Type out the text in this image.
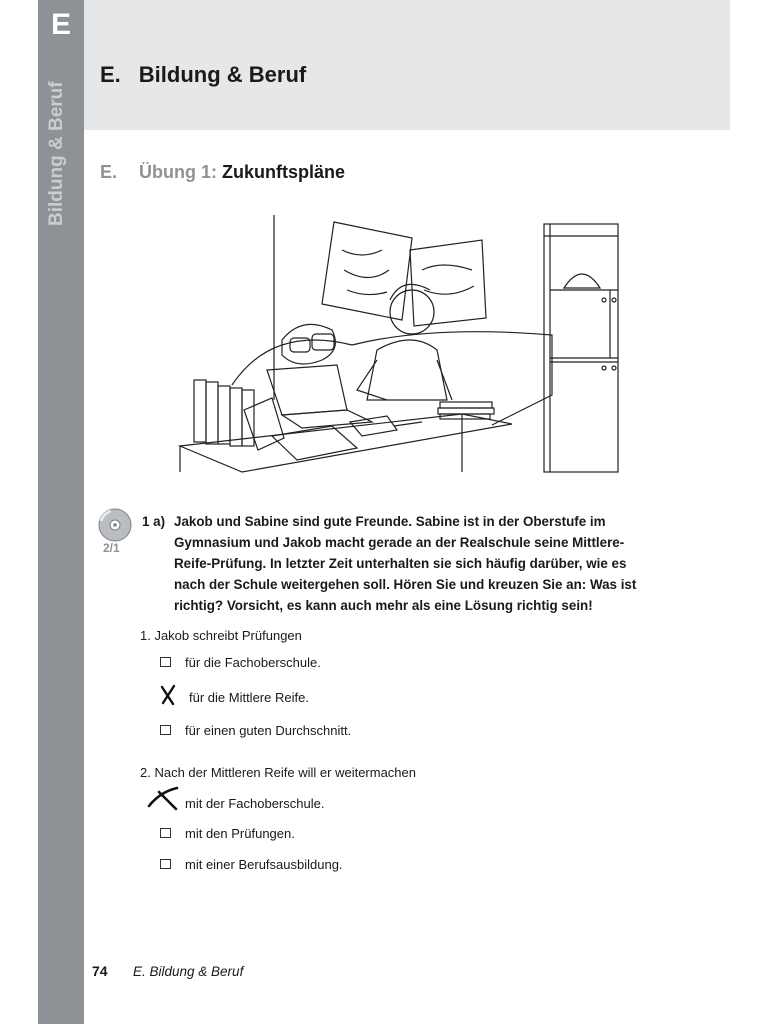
E
Bildung & Beruf
E. Bildung & Beruf
E. Übung 1: Zukunftspläne
2/1
1 a) Jakob und Sabine sind gute Freunde. Sabine ist in der Oberstufe im
Gymnasium und Jakob macht gerade an der Realschule seine Mittlere-
Reife-Prüfung. In letzter Zeit unterhalten sie sich häufig darüber, wie es
nach der Schule weitergehen soll. Hören Sie und kreuzen Sie an: Was ist
richtig? Vorsicht, es kann auch mehr als eine Lösung richtig sein!
1. Jakob schreibt Prüfungen
für die Fachoberschule.
für die Mittlere Reife.
für einen guten Durchschnitt.
2. Nach der Mittleren Reife will er weitermachen
mit der Fachoberschule.
mit den Prüfungen.
mit einer Berufsausbildung.
74 E. Bildung & Beruf
